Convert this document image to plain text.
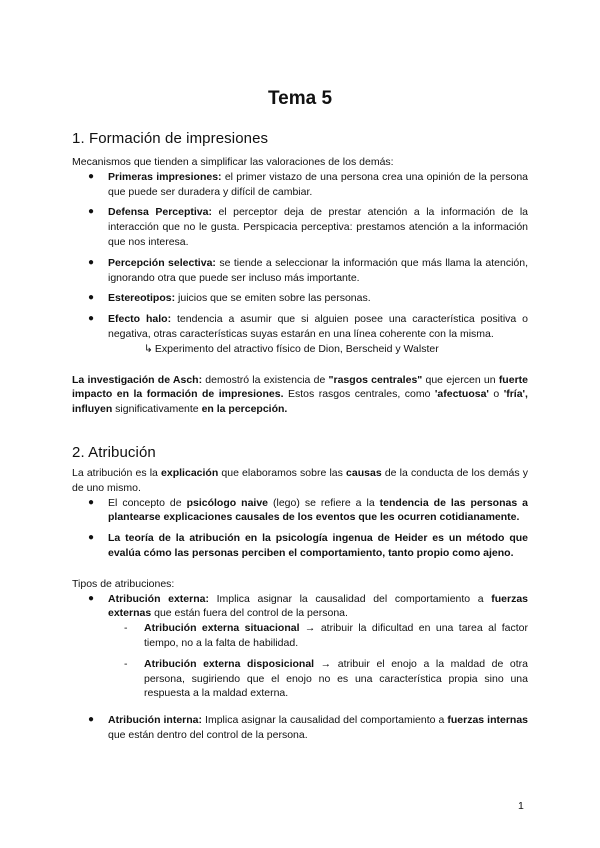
Tema 5
1. Formación de impresiones

Mecanismos que tienden a simplificar las valoraciones de los demás:

● Primeras impresiones: el primer vistazo de una persona crea una opinión de la persona que puede ser duradera y difícil de cambiar.
● Defensa Perceptiva: el perceptor deja de prestar atención a la información de la interacción que no le gusta. Perspicacia perceptiva: prestamos atención a la información que nos interesa.
● Percepción selectiva: se tiende a seleccionar la información que más llama la atención, ignorando otra que puede ser incluso más importante.
● Estereotipos: juicios que se emiten sobre las personas.
● Efecto halo: tendencia a asumir que si alguien posee una característica positiva o negativa, otras características suyas estarán en una línea coherente con la misma.

↳ Experimento del atractivo físico de Dion, Berscheid y Walster

La investigación de Asch: demostró la existencia de "rasgos centrales" que ejercen un fuerte impacto en la formación de impresiones. Estos rasgos centrales, como 'afectuosa' o 'fría', influyen significativamente en la percepción.

2. Atribución

La atribución es la explicación que elaboramos sobre las causas de la conducta de los demás y de uno mismo.

● El concepto de psicólogo naive (lego) se refiere a la tendencia de las personas a plantearse explicaciones causales de los eventos que les ocurren cotidianamente.
● La teoría de la atribución en la psicología ingenua de Heider es un método que evalúa cómo las personas perciben el comportamiento, tanto propio como ajeno.

Tipos de atribuciones:

● Atribución externa: Implica asignar la causalidad del comportamiento a fuerzas externas que están fuera del control de la persona.
- Atribución externa situacional → atribuir la dificultad en una tarea al factor tiempo, no a la falta de habilidad.
- Atribución externa disposicional → atribuir el enojo a la maldad de otra persona, sugiriendo que el enojo no es una característica propia sino una respuesta a la maldad externa.
● Atribución interna: Implica asignar la causalidad del comportamiento a fuerzas internas que están dentro del control de la persona.
1
